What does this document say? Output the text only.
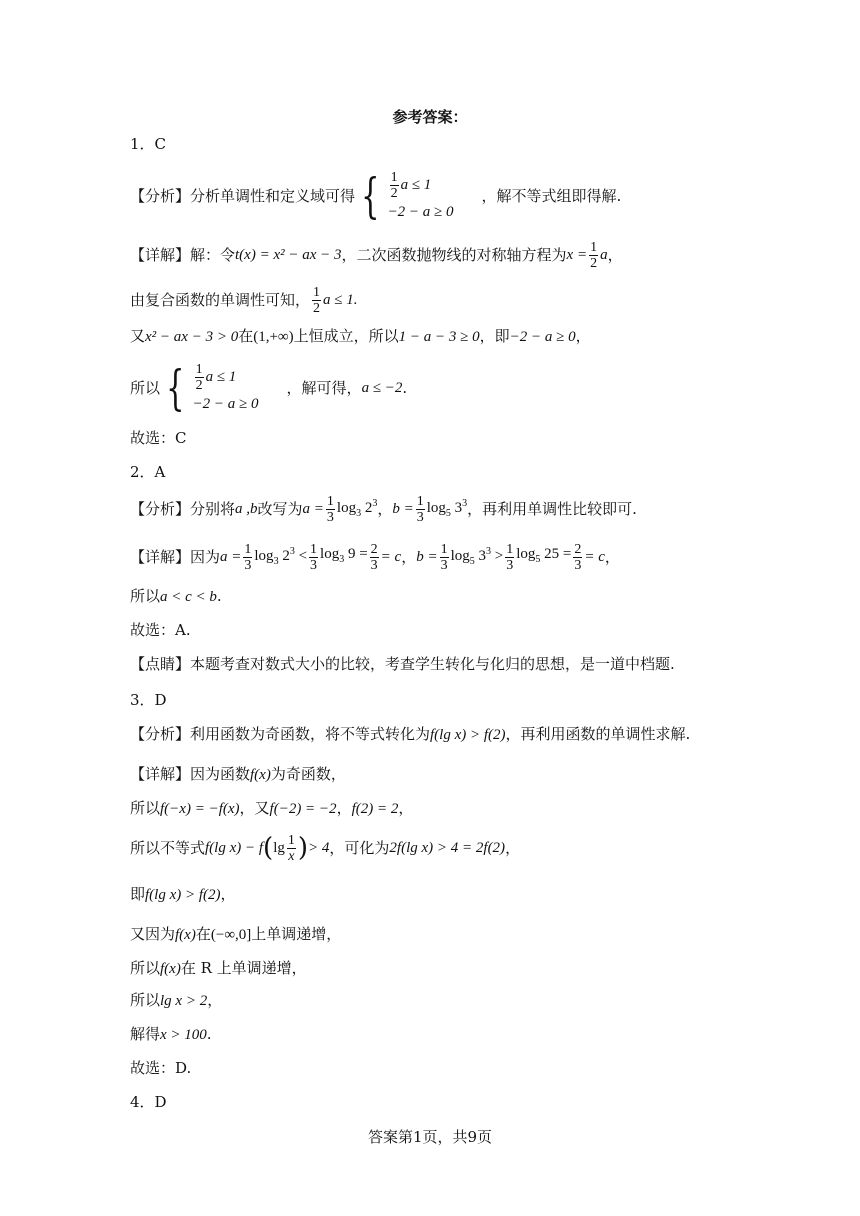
参考答案：
1．C
【分析】分析单调性和定义域可得 { $\frac{1}{2}$ a ≤ 1
−2 − a ≥ 0
，解不等式组即得解.
【详解】解：令 t(x) = x² − ax − 3 ，二次函数抛物线的对称轴方程为 $x = \frac{1}{2}$ a ，
由复合函数的单调性可知， $\frac{1}{2}$ a ≤ 1.
又x² − ax − 3 > 0在(1,+∞)上恒成立，所以1 − a − 3 ≥ 0，即−2 − a ≥ 0，
所以 { $\frac{1}{2}$ a ≤ 1
−2 − a ≥ 0
，解可得， a ≤ −2 .
故选：C
2．A
【分析】分别将 a ,b 改写为 $a = \frac{1}{3} \log_3 2^3$ ， $b = \frac{1}{3} \log_5 3^3$ ，再利用单调性比较即可.
【详解】因为 $a = \frac{1}{3} \log_3 2^3 < \frac{1}{3} \log_3 9 = \frac{2}{3} = c$ ， $b = \frac{1}{3} \log_5 3^3 > \frac{1}{3} \log_5 25 = \frac{2}{3} = c$ ，
所以a < c < b.
故选：A.
【点睛】本题考查对数式大小的比较，考查学生转化与化归的思想，是一道中档题.
3．D
【分析】利用函数为奇函数，将不等式转化为f(lg x) > f(2)，再利用函数的单调性求解.
【详解】因为函数f(x)为奇函数，
所以f(−x) = −f(x)，又f(−2) = −2，f(2) = 2，
所以不等式 f(lg x) − f ( $\lg \frac{1}{x}$ ) > 4 ，可化为 2f(lg x) > 4 = 2f(2) ，
即f(lg x) > f(2)，
又因为f(x)在(−∞,0]上单调递增，
所以f(x)在 R 上单调递增，
所以lg x > 2，
解得x > 100.
故选：D.
4．D
答案第1页，共9页
